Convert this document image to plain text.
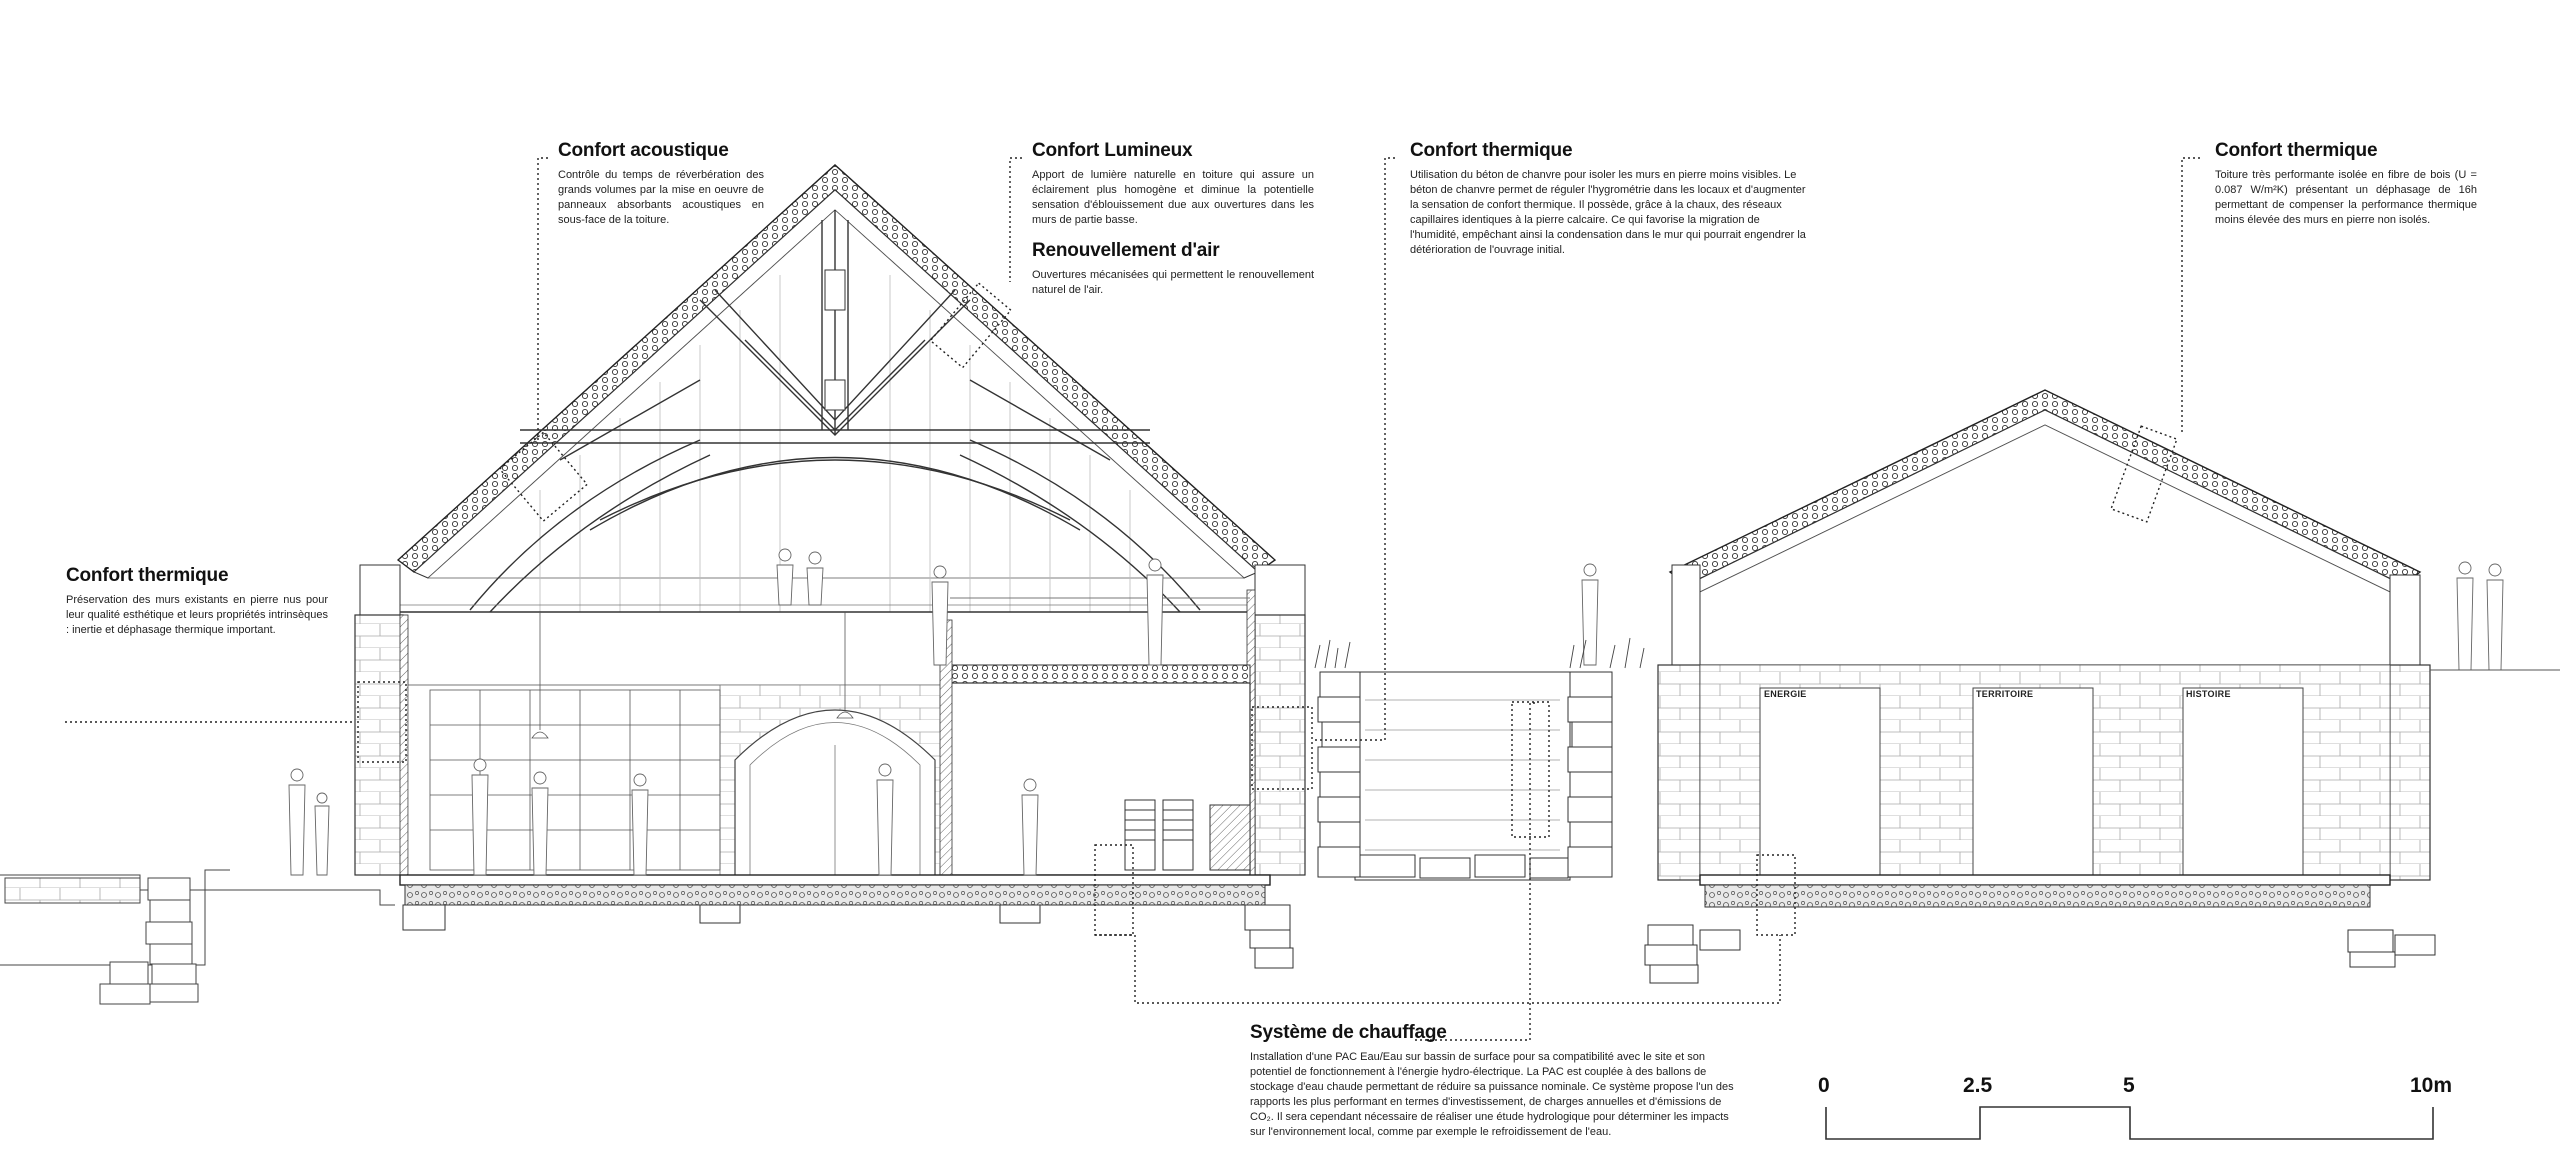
Confort acoustique

Contrôle du temps de réverbération des grands volumes par la mise en oeuvre de panneaux absorbants acoustiques en sous-face de la toiture.

Confort Lumineux

Apport de lumière naturelle en toiture qui assure un éclairement plus homogène et diminue la potentielle sensation d'éblouissement due aux ouvertures dans les murs de partie basse.

Renouvellement d'air

Ouvertures mécanisées qui permettent le renouvellement naturel de l'air.

Confort thermique

Utilisation du béton de chanvre pour isoler les murs en pierre moins visibles. Le béton de chanvre permet de réguler l'hygrométrie dans les locaux et d'augmenter la sensation de confort thermique. Il possède, grâce à la chaux, des réseaux capillaires identiques à la pierre calcaire. Ce qui favorise la migration de l'humidité, empêchant ainsi la condensation dans le mur qui pourrait engendrer la détérioration de l'ouvrage initial.

Confort thermique

Toiture très performante isolée en fibre de bois (U = 0.087 W/m²K) présentant un déphasage de 16h permettant de compenser la performance thermique moins élevée des murs en pierre non isolés.

Confort thermique

Préservation des murs existants en pierre nus pour leur qualité esthétique et leurs propriétés intrinsèques : inertie et déphasage thermique important.

Système de chauffage

Installation d'une PAC Eau/Eau sur bassin de surface pour sa compatibilité avec le site et son potentiel de fonctionnement à l'énergie hydro-électrique. La PAC est couplée à des ballons de stockage d'eau chaude permettant de réduire sa puissance nominale. Ce système propose l'un des rapports les plus performant en termes d'investissement, de charges annuelles et d'émissions de CO₂. Il sera cependant nécessaire de réaliser une étude hydrologique pour déterminer les impacts sur l'environnement local, comme par exemple le refroidissement de l'eau.

ENERGIE	TERRITOIRE	HISTOIRE
0	2.5	5	10m
